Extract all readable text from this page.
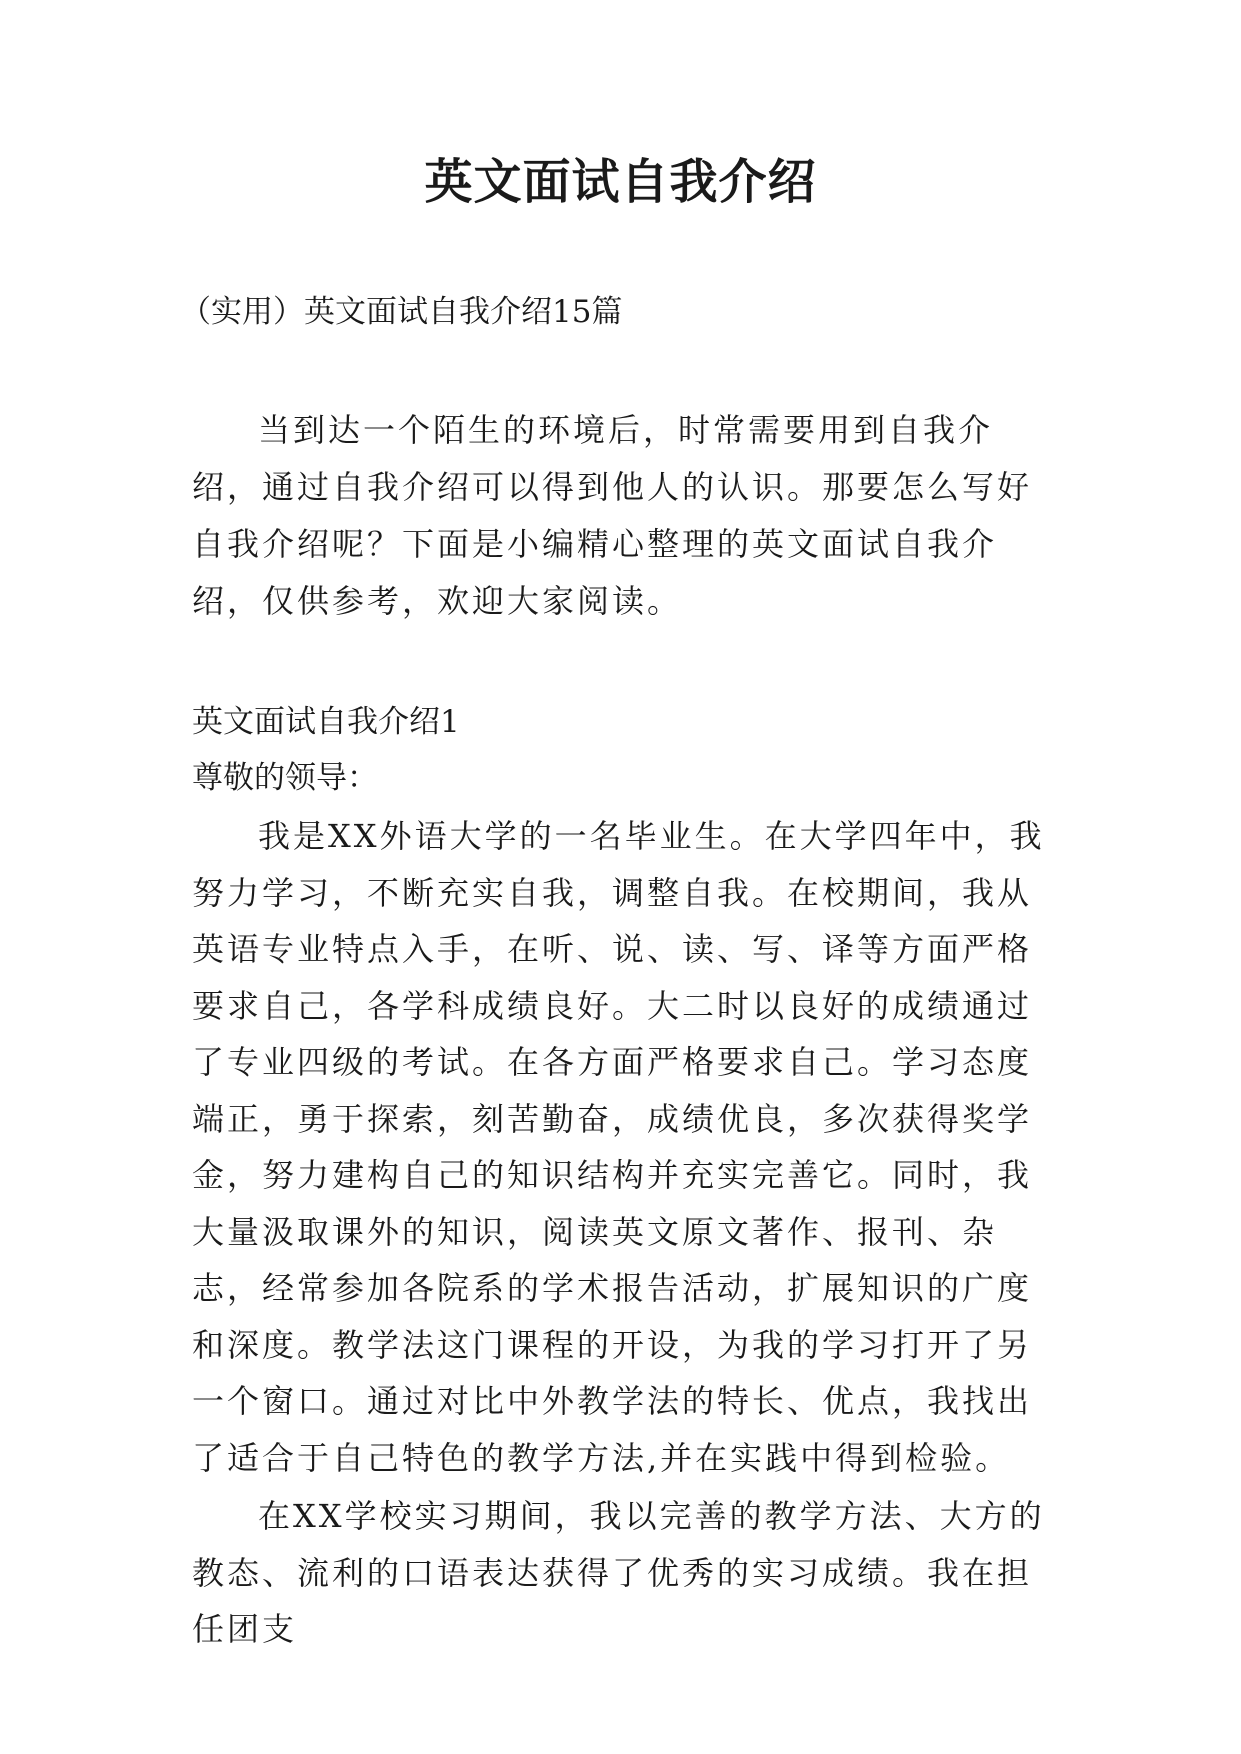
英文面试自我介绍

（实用）英文面试自我介绍15篇

当到达一个陌生的环境后，时常需要用到自我介绍，通过自我介绍可以得到他人的认识。那要怎么写好自我介绍呢？下面是小编精心整理的英文面试自我介绍，仅供参考，欢迎大家阅读。

英文面试自我介绍1

尊敬的领导：

我是XX外语大学的一名毕业生。在大学四年中，我努力学习，不断充实自我，调整自我。在校期间，我从英语专业特点入手，在听、说、读、写、译等方面严格要求自己，各学科成绩良好。大二时以良好的成绩通过了专业四级的考试。在各方面严格要求自己。学习态度端正，勇于探索，刻苦勤奋，成绩优良，多次获得奖学金，努力建构自己的知识结构并充实完善它。同时，我大量汲取课外的知识，阅读英文原文著作、报刊、杂志，经常参加各院系的学术报告活动，扩展知识的广度和深度。教学法这门课程的开设，为我的学习打开了另一个窗口。通过对比中外教学法的特长、优点，我找出了适合于自己特色的教学方法,并在实践中得到检验。

在XX学校实习期间，我以完善的教学方法、大方的教态、流利的口语表达获得了优秀的实习成绩。我在担任团支
